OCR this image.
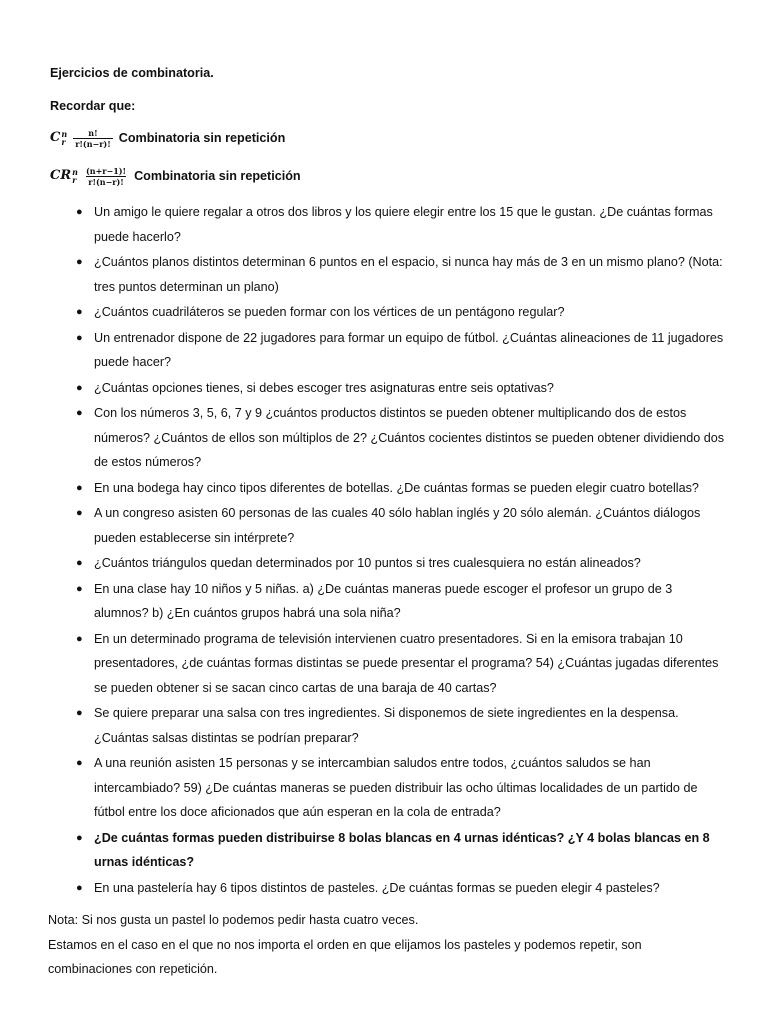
Ejercicios de combinatoria.

Recordar que:
C n
r $\frac{n!}{r!(n-r)!}$ Combinatoria sin repetición
CR n
r $\frac{(n+r-1)!}{r!(n-r)!}$ Combinatoria sin repetición
● Un amigo le quiere regalar a otros dos libros y los quiere elegir entre los 15 que le gustan. ¿De cuántas formas puede hacerlo?
● ¿Cuántos planos distintos determinan 6 puntos en el espacio, si nunca hay más de 3 en un mismo plano? (Nota: tres puntos determinan un plano)
● ¿Cuántos cuadriláteros se pueden formar con los vértices de un pentágono regular?
● Un entrenador dispone de 22 jugadores para formar un equipo de fútbol. ¿Cuántas alineaciones de 11 jugadores puede hacer?
● ¿Cuántas opciones tienes, si debes escoger tres asignaturas entre seis optativas?
● Con los números 3, 5, 6, 7 y 9 ¿cuántos productos distintos se pueden obtener multiplicando dos de estos números? ¿Cuántos de ellos son múltiplos de 2? ¿Cuántos cocientes distintos se pueden obtener dividiendo dos de estos números?
● En una bodega hay cinco tipos diferentes de botellas. ¿De cuántas formas se pueden elegir cuatro botellas?
● A un congreso asisten 60 personas de las cuales 40 sólo hablan inglés y 20 sólo alemán. ¿Cuántos diálogos pueden establecerse sin intérprete?
● ¿Cuántos triángulos quedan determinados por 10 puntos si tres cualesquiera no están alineados?
● En una clase hay 10 niños y 5 niñas. a) ¿De cuántas maneras puede escoger el profesor un grupo de 3 alumnos? b) ¿En cuántos grupos habrá una sola niña?
● En un determinado programa de televisión intervienen cuatro presentadores. Si en la emisora trabajan 10 presentadores, ¿de cuántas formas distintas se puede presentar el programa? 54) ¿Cuántas jugadas diferentes se pueden obtener si se sacan cinco cartas de una baraja de 40 cartas?
● Se quiere preparar una salsa con tres ingredientes. Si disponemos de siete ingredientes en la despensa. ¿Cuántas salsas distintas se podrían preparar?
● A una reunión asisten 15 personas y se intercambian saludos entre todos, ¿cuántos saludos se han intercambiado? 59) ¿De cuántas maneras se pueden distribuir las ocho últimas localidades de un partido de fútbol entre los doce aficionados que aún esperan en la cola de entrada?
● ¿De cuántas formas pueden distribuirse 8 bolas blancas en 4 urnas idénticas? ¿Y 4 bolas blancas en 8 urnas idénticas?
● En una pastelería hay 6 tipos distintos de pasteles. ¿De cuántas formas se pueden elegir 4 pasteles?
Nota: Si nos gusta un pastel lo podemos pedir hasta cuatro veces.
Estamos en el caso en el que no nos importa el orden en que elijamos los pasteles y podemos repetir, son combinaciones con repetición.
